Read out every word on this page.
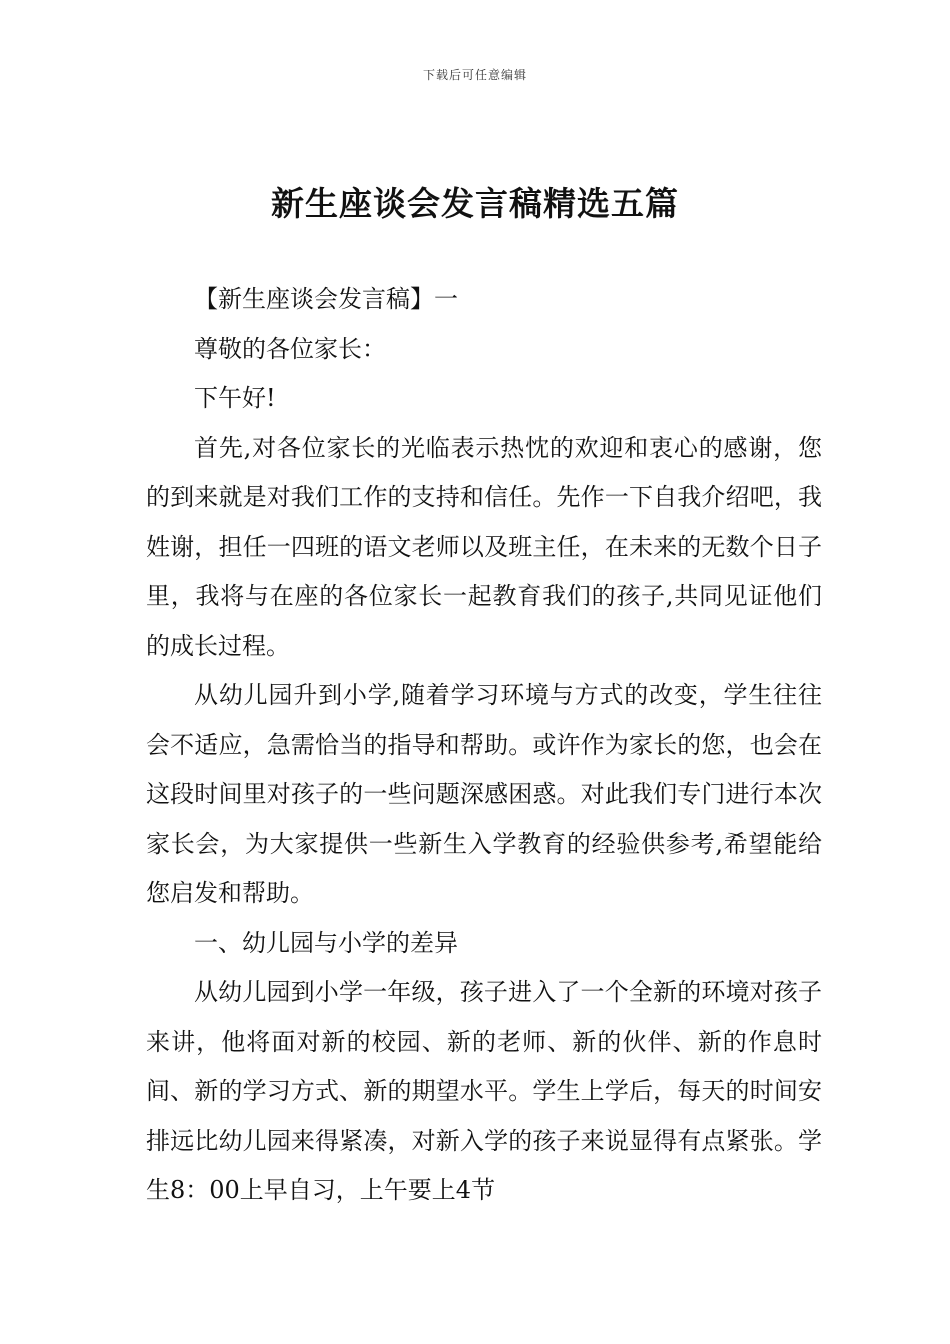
下载后可任意编辑
新生座谈会发言稿精选五篇

【新生座谈会发言稿】一

尊敬的各位家长：

下午好!

首先,对各位家长的光临表示热忱的欢迎和衷心的感谢，您的到来就是对我们工作的支持和信任。先作一下自我介绍吧，我姓谢，担任一四班的语文老师以及班主任，在未来的无数个日子里，我将与在座的各位家长一起教育我们的孩子,共同见证他们的成长过程。

从幼儿园升到小学,随着学习环境与方式的改变，学生往往会不适应，急需恰当的指导和帮助。或许作为家长的您，也会在这段时间里对孩子的一些问题深感困惑。对此我们专门进行本次家长会，为大家提供一些新生入学教育的经验供参考,希望能给您启发和帮助。

一、幼儿园与小学的差异

从幼儿园到小学一年级，孩子进入了一个全新的环境对孩子来讲，他将面对新的校园、新的老师、新的伙伴、新的作息时间、新的学习方式、新的期望水平。学生上学后，每天的时间安排远比幼儿园来得紧凑，对新入学的孩子来说显得有点紧张。学生8：00上早自习，上午要上4节
